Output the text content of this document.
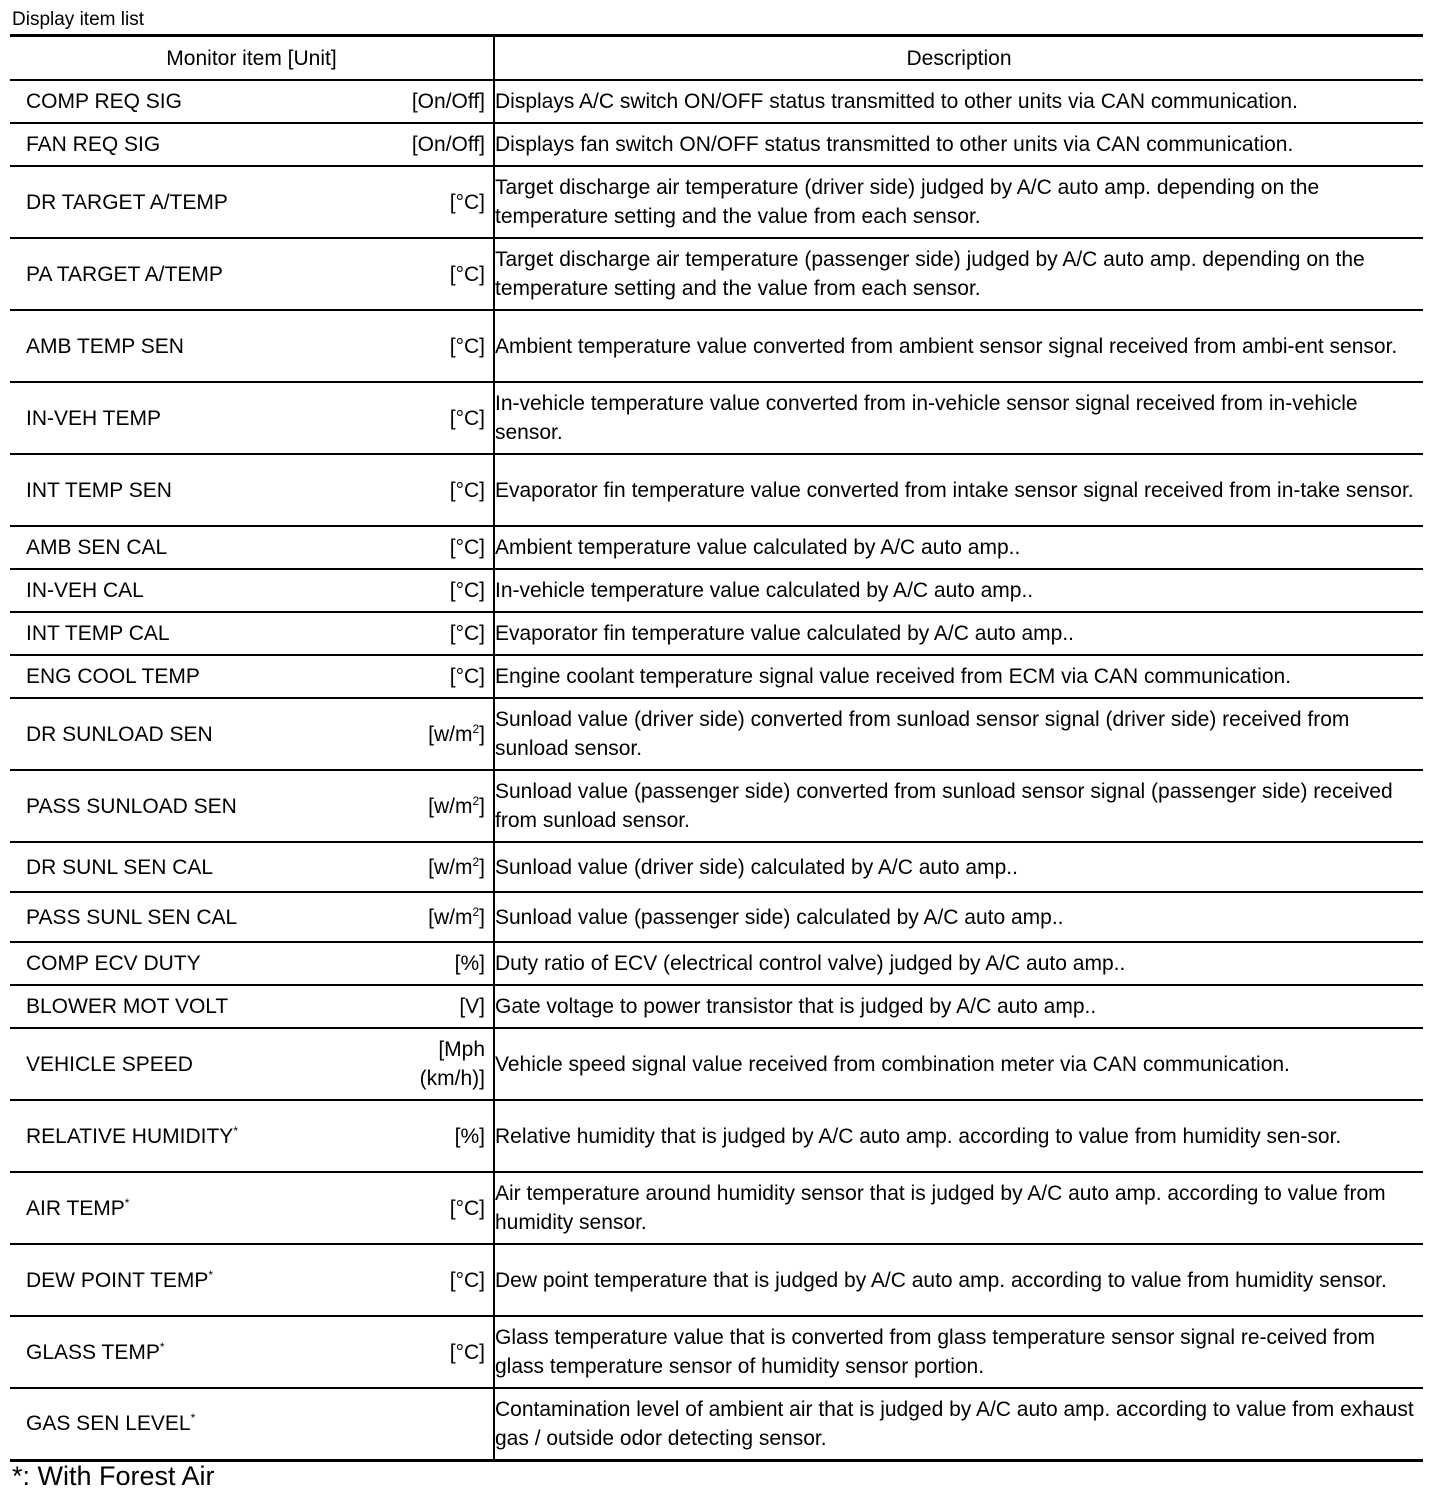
Display item list
Monitor item [Unit]	Description

COMP REQ SIG [On/Off]	Displays A/C switch ON/OFF status transmitted to other units via CAN communication.

FAN REQ SIG [On/Off]	Displays fan switch ON/OFF status transmitted to other units via CAN communication.

DR TARGET A/TEMP [°C]	Target discharge air temperature (driver side) judged by A/C auto amp. depending on the temperature setting and the value from each sensor.

PA TARGET A/TEMP [°C]	Target discharge air temperature (passenger side) judged by A/C auto amp. depending on the temperature setting and the value from each sensor.

AMB TEMP SEN [°C]	Ambient temperature value converted from ambient sensor signal received from ambi-ent sensor.

IN-VEH TEMP [°C]	In-vehicle temperature value converted from in-vehicle sensor signal received from in-vehicle sensor.

INT TEMP SEN [°C]	Evaporator fin temperature value converted from intake sensor signal received from in-take sensor.

AMB SEN CAL [°C]	Ambient temperature value calculated by A/C auto amp..

IN-VEH CAL [°C]	In-vehicle temperature value calculated by A/C auto amp..

INT TEMP CAL [°C]	Evaporator fin temperature value calculated by A/C auto amp..

ENG COOL TEMP [°C]	Engine coolant temperature signal value received from ECM via CAN communication.

DR SUNLOAD SEN $[w/m^2]$	Sunload value (driver side) converted from sunload sensor signal (driver side) received from sunload sensor.

PASS SUNLOAD SEN $[w/m^2]$	Sunload value (passenger side) converted from sunload sensor signal (passenger side) received from sunload sensor.

DR SUNL SEN CAL $[w/m^2]$	Sunload value (driver side) calculated by A/C auto amp..

PASS SUNL SEN CAL $[w/m^2]$	Sunload value (passenger side) calculated by A/C auto amp..

COMP ECV DUTY [%]	Duty ratio of ECV (electrical control valve) judged by A/C auto amp..

BLOWER MOT VOLT [V]	Gate voltage to power transistor that is judged by A/C auto amp..

VEHICLE SPEED
[Mph
(km/h)]	Vehicle speed signal value received from combination meter via CAN communication.

RELATIVE HUMIDITY* [%]	Relative humidity that is judged by A/C auto amp. according to value from humidity sen-sor.

AIR TEMP* [°C]	Air temperature around humidity sensor that is judged by A/C auto amp. according to value from humidity sensor.

DEW POINT TEMP* [°C]	Dew point temperature that is judged by A/C auto amp. according to value from humidity sensor.

GLASS TEMP* [°C]	Glass temperature value that is converted from glass temperature sensor signal re-ceived from glass temperature sensor of humidity sensor portion.

GAS SEN LEVEL*	Contamination level of ambient air that is judged by A/C auto amp. according to value from exhaust gas / outside odor detecting sensor.
*: With Forest Air
